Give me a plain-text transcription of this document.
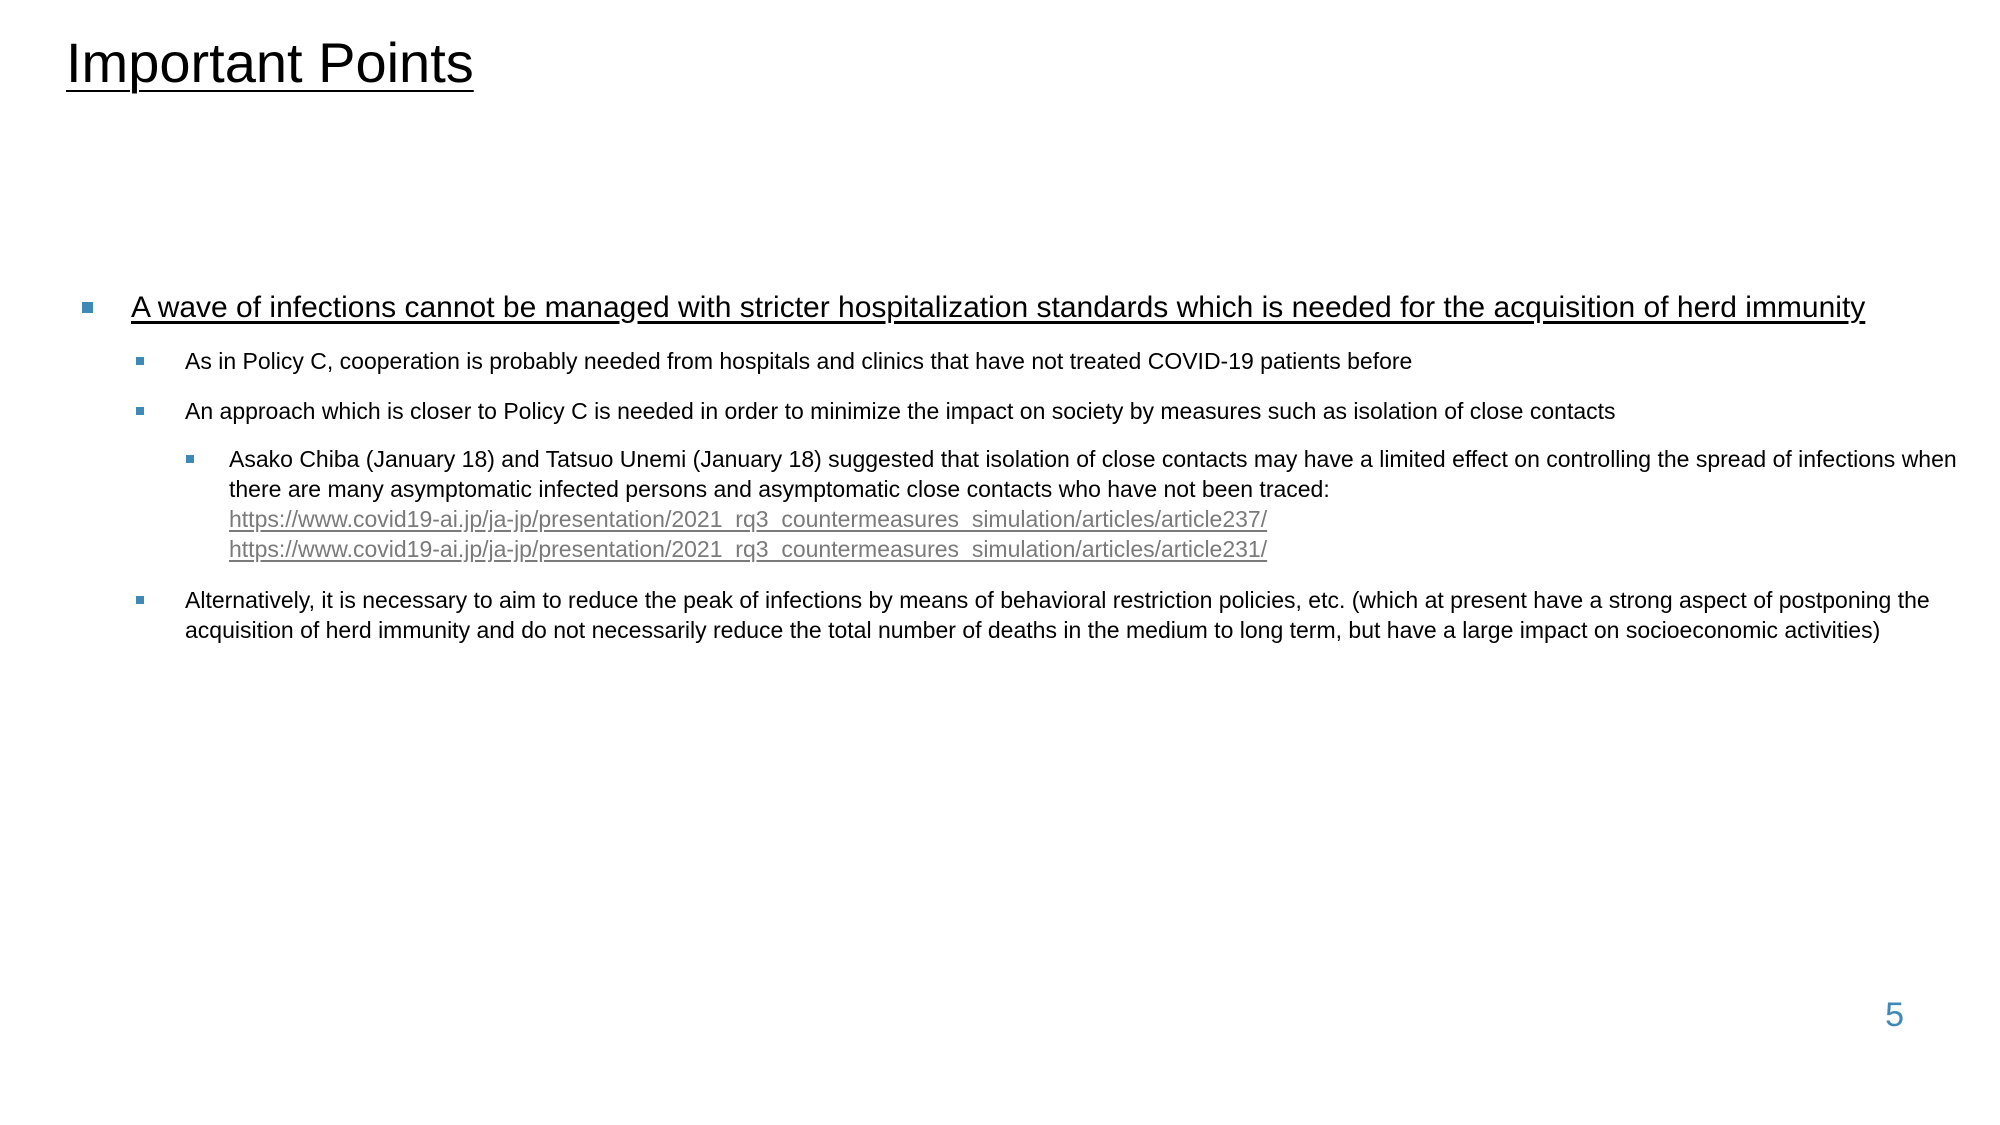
Important Points
A wave of infections cannot be managed with stricter hospitalization standards which is needed for the acquisition of herd immunity
As in Policy C, cooperation is probably needed from hospitals and clinics that have not treated COVID-19 patients before
An approach which is closer to Policy C is needed in order to minimize the impact on society by measures such as isolation of close contacts
Asako Chiba (January 18) and Tatsuo Unemi (January 18) suggested that isolation of close contacts may have a limited effect on controlling the spread of infections when there are many asymptomatic infected persons and asymptomatic close contacts who have not been traced:
https://www.covid19-ai.jp/ja-jp/presentation/2021_rq3_countermeasures_simulation/articles/article237/
https://www.covid19-ai.jp/ja-jp/presentation/2021_rq3_countermeasures_simulation/articles/article231/
Alternatively, it is necessary to aim to reduce the peak of infections by means of behavioral restriction policies, etc. (which at present have a strong aspect of postponing the acquisition of herd immunity and do not necessarily reduce the total number of deaths in the medium to long term, but have a large impact on socioeconomic activities)
5
